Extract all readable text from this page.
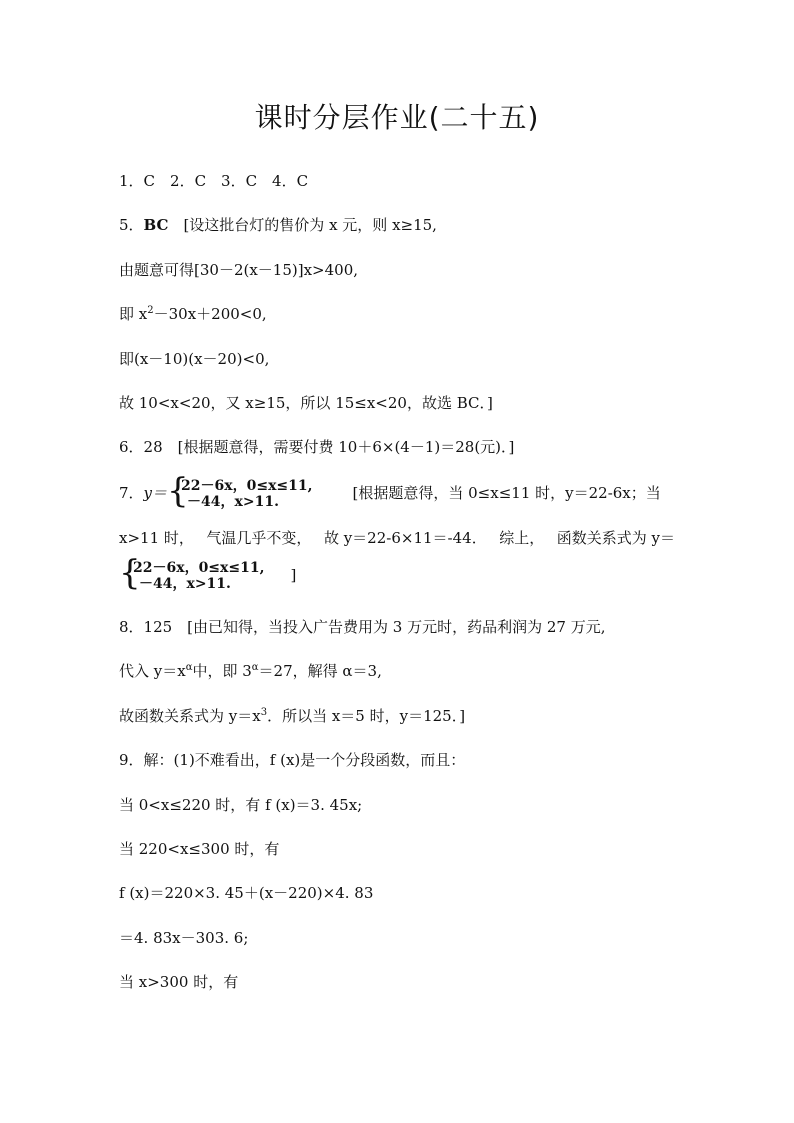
课时分层作业(二十五)
1．C　2．C　3．C　4．C
5．BC　[设这批台灯的售价为 x 元，则 x≥15,
由题意可得[30－2(x－15)]x>400,
即 $x^2-30x+200<0$,
即(x－10)(x－20)<0,
故 10<x<20，又 x≥15，所以 15≤x<20，故选 BC．]
6．28　[根据题意得，需要付费 10＋6×(4－1)＝28(元)．]
7．y＝ {
22－6x，0≤x≤11,
－44，x>11.	[根据题意得，当 0≤x≤11 时，y＝22-6x；当
x>11 时， 气温几乎不变， 故 y＝22-6×11＝-44． 综上， 函数关系式为 y＝
{
22－6x，0≤x≤11,
－44，x>11.	]
8．125　[由已知得，当投入广告费用为 3 万元时，药品利润为 27 万元,
代入 $y=x^\alpha$中，即 $3^\alpha=27$，解得 α＝3,
故函数关系式为 $y=x^3$．所以当 x＝5 时，y＝125．]
9．解：(1)不难看出，f (x)是一个分段函数，而且：
当 0<x≤220 时，有 f (x)＝3. 45x;
当 220<x≤300 时，有
f (x)＝220×3. 45＋(x－220)×4. 83
＝4. 83x－303. 6;
当 x>300 时，有
